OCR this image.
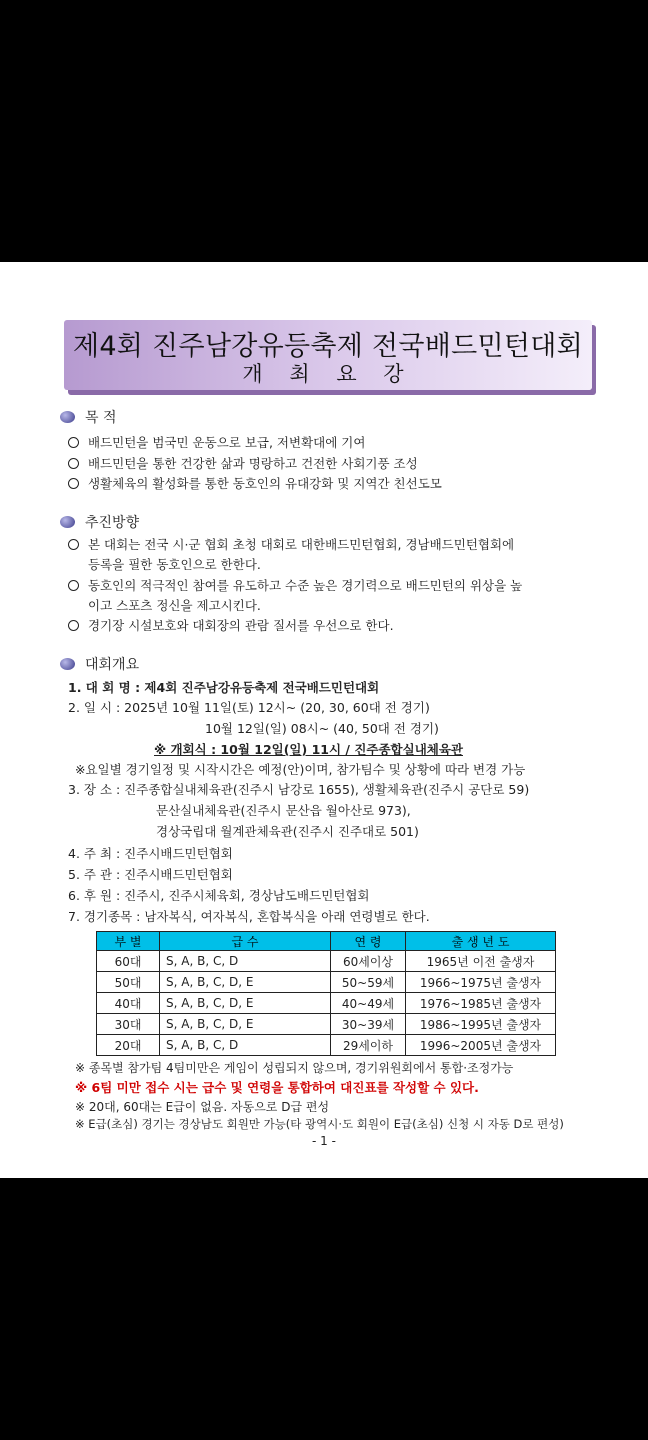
제4회 진주남강유등축제 전국배드민턴대회
개 최 요 강
목 적
배드민턴을 범국민 운동으로 보급, 저변확대에 기여
배드민턴을 통한 건강한 삶과 명랑하고 건전한 사회기풍 조성
생활체육의 활성화를 통한 동호인의 유대강화 및 지역간 친선도모
추진방향
본 대회는 전국 시·군 협회 초청 대회로 대한배드민턴협회, 경남배드민턴협회에
등록을 필한 동호인으로 한한다.
동호인의 적극적인 참여를 유도하고 수준 높은 경기력으로 배드민턴의 위상을 높
이고 스포츠 정신을 제고시킨다.
경기장 시설보호와 대회장의 관람 질서를 우선으로 한다.
대회개요
1. 대 회 명 : 제4회 진주남강유등축제 전국배드민턴대회
2. 일 시 : 2025년 10월 11일(토) 12시~ (20, 30, 60대 전 경기)
10월 12일(일) 08시~ (40, 50대 전 경기)
※ 개회식 : 10월 12일(일) 11시 / 진주종합실내체육관
※요일별 경기일정 및 시작시간은 예정(안)이며, 참가팀수 및 상황에 따라 변경 가능
3. 장 소 : 진주종합실내체육관(진주시 남강로 1655), 생활체육관(진주시 공단로 59)
문산실내체육관(진주시 문산읍 월아산로 973),
경상국립대 월계관체육관(진주시 진주대로 501)
4. 주 최 : 진주시배드민턴협회
5. 주 관 : 진주시배드민턴협회
6. 후 원 : 진주시, 진주시체육회, 경상남도배드민턴협회
7. 경기종목 : 남자복식, 여자복식, 혼합복식을 아래 연령별로 한다.
부 별	급 수	연 령	출 생 년 도
60대	S, A, B, C, D	60세이상	1965년 이전 출생자
50대	S, A, B, C, D, E	50~59세	1966~1975년 출생자
40대	S, A, B, C, D, E	40~49세	1976~1985년 출생자
30대	S, A, B, C, D, E	30~39세	1986~1995년 출생자
20대	S, A, B, C, D	29세이하	1996~2005년 출생자
※ 종목별 참가팀 4팀미만은 게임이 성립되지 않으며, 경기위원회에서 통합·조정가능
※ 6팀 미만 접수 시는 급수 및 연령을 통합하여 대진표를 작성할 수 있다.
※ 20대, 60대는 E급이 없음. 자동으로 D급 편성
※ E급(초심) 경기는 경상남도 회원만 가능(타 광역시·도 회원이 E급(초심) 신청 시 자동 D로 편성)
- 1 -
